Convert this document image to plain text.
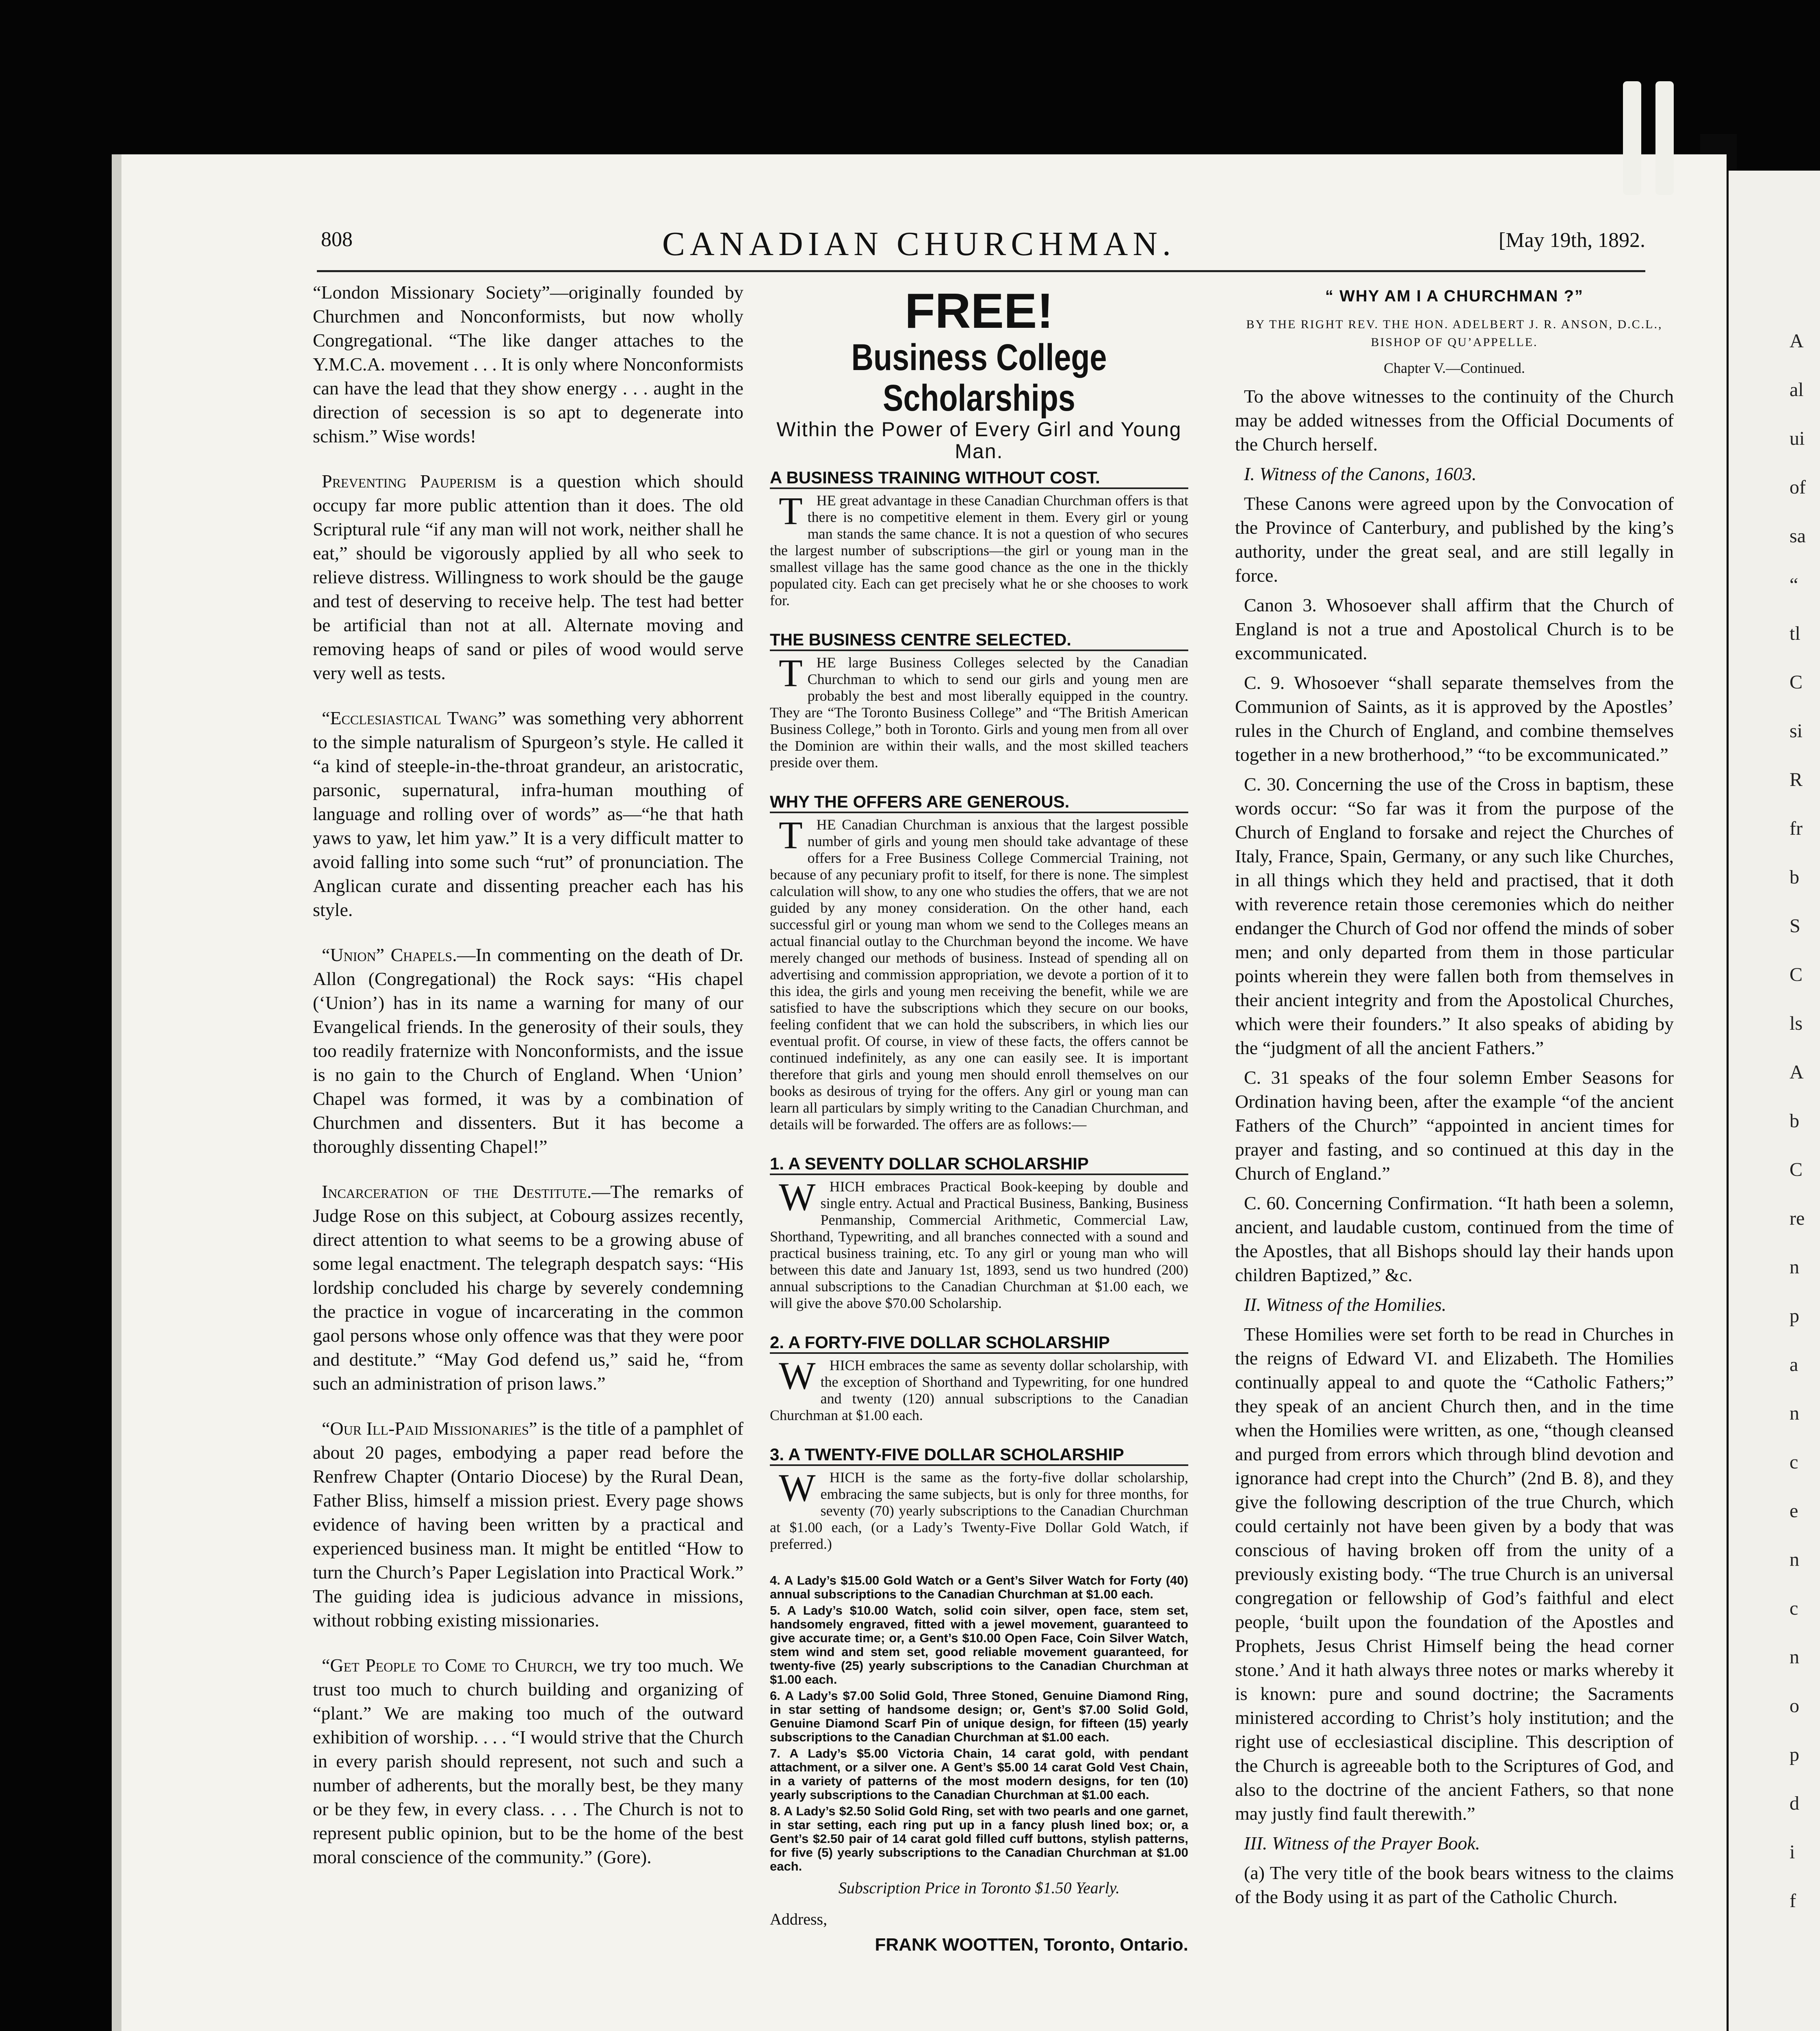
A
al
ui
of
sa
“
tl
C
si
R
fr
b
S
C
ls
A
b
C
re
n
p
a
n
c
e
n
c
n
o
p
d
i
f
808	CANADIAN CHURCHMAN.	[May 19th, 1892.

“London Missionary Society”—originally founded by Churchmen and Nonconformists, but now wholly Congregational. “The like danger attaches to the Y.M.C.A. movement . . . It is only where Nonconformists can have the lead that they show energy . . . aught in the direction of secession is so apt to degenerate into schism.” Wise words!

Preventing Pauperism is a question which should occupy far more public attention than it does. The old Scriptural rule “if any man will not work, neither shall he eat,” should be vigorously applied by all who seek to relieve distress. Willingness to work should be the gauge and test of deserving to receive help. The test had better be artificial than not at all. Alternate moving and removing heaps of sand or piles of wood would serve very well as tests.

“Ecclesiastical Twang” was something very abhorrent to the simple naturalism of Spurgeon’s style. He called it “a kind of steeple-in-the-throat grandeur, an aristocratic, parsonic, supernatural, infra-human mouthing of language and rolling over of words” as—“he that hath yaws to yaw, let him yaw.” It is a very difficult matter to avoid falling into some such “rut” of pronunciation. The Anglican curate and dissenting preacher each has his style.

“Union” Chapels.—In commenting on the death of Dr. Allon (Congregational) the Rock says: “His chapel (‘Union’) has in its name a warning for many of our Evangelical friends. In the generosity of their souls, they too readily fraternize with Nonconformists, and the issue is no gain to the Church of England. When ‘Union’ Chapel was formed, it was by a combination of Churchmen and dissenters. But it has become a thoroughly dissenting Chapel!”

Incarceration of the Destitute.—The remarks of Judge Rose on this subject, at Cobourg assizes recently, direct attention to what seems to be a growing abuse of some legal enactment. The telegraph despatch says: “His lordship concluded his charge by severely condemning the practice in vogue of incarcerating in the common gaol persons whose only offence was that they were poor and destitute.” “May God defend us,” said he, “from such an administration of prison laws.”

“Our Ill-Paid Missionaries” is the title of a pamphlet of about 20 pages, embodying a paper read before the Renfrew Chapter (Ontario Diocese) by the Rural Dean, Father Bliss, himself a mission priest. Every page shows evidence of having been written by a practical and experienced business man. It might be entitled “How to turn the Church’s Paper Legislation into Practical Work.” The guiding idea is judicious advance in missions, without robbing existing missionaries.

“Get People to Come to Church, we try too much. We trust too much to church building and organizing of “plant.” We are making too much of the outward exhibition of worship. . . . “I would strive that the Church in every parish should represent, not such and such a number of adherents, but the morally best, be they many or be they few, in every class. . . . The Church is not to represent public opinion, but to be the home of the best moral conscience of the community.” (Gore).

FREE!
Business College Scholarships
Within the Power of Every Girl and Young Man.
A BUSINESS TRAINING WITHOUT COST.

THE great advantage in these Canadian Churchman offers is that there is no competitive element in them. Every girl or young man stands the same chance. It is not a question of who secures the largest number of subscriptions—the girl or young man in the smallest village has the same good chance as the one in the thickly populated city. Each can get precisely what he or she chooses to work for.

THE BUSINESS CENTRE SELECTED.

THE large Business Colleges selected by the Canadian Churchman to which to send our girls and young men are probably the best and most liberally equipped in the country. They are “The Toronto Business College” and “The British American Business College,” both in Toronto. Girls and young men from all over the Dominion are within their walls, and the most skilled teachers preside over them.

WHY THE OFFERS ARE GENEROUS.

THE Canadian Churchman is anxious that the largest possible number of girls and young men should take advantage of these offers for a Free Business College Commercial Training, not because of any pecuniary profit to itself, for there is none. The simplest calculation will show, to any one who studies the offers, that we are not guided by any money consideration. On the other hand, each successful girl or young man whom we send to the Colleges means an actual financial outlay to the Churchman beyond the income. We have merely changed our methods of business. Instead of spending all on advertising and commission appropriation, we devote a portion of it to this idea, the girls and young men receiving the benefit, while we are satisfied to have the subscriptions which they secure on our books, feeling confident that we can hold the subscribers, in which lies our eventual profit. Of course, in view of these facts, the offers cannot be continued indefinitely, as any one can easily see. It is important therefore that girls and young men should enroll themselves on our books as desirous of trying for the offers. Any girl or young man can learn all particulars by simply writing to the Canadian Churchman, and details will be forwarded. The offers are as follows:—

1. A SEVENTY DOLLAR SCHOLARSHIP

WHICH embraces Practical Book-keeping by double and single entry. Actual and Practical Business, Banking, Business Penmanship, Commercial Arithmetic, Commercial Law, Shorthand, Typewriting, and all branches connected with a sound and practical business training, etc. To any girl or young man who will between this date and January 1st, 1893, send us two hundred (200) annual subscriptions to the Canadian Churchman at $1.00 each, we will give the above $70.00 Scholarship.

2. A FORTY-FIVE DOLLAR SCHOLARSHIP

WHICH embraces the same as seventy dollar scholarship, with the exception of Shorthand and Typewriting, for one hundred and twenty (120) annual subscriptions to the Canadian Churchman at $1.00 each.

3. A TWENTY-FIVE DOLLAR SCHOLARSHIP

WHICH is the same as the forty-five dollar scholarship, embracing the same subjects, but is only for three months, for seventy (70) yearly subscriptions to the Canadian Churchman at $1.00 each, (or a Lady’s Twenty-Five Dollar Gold Watch, if preferred.)

4. A Lady’s $15.00 Gold Watch or a Gent’s Silver Watch for Forty (40) annual subscriptions to the Canadian Churchman at $1.00 each.
5. A Lady’s $10.00 Watch, solid coin silver, open face, stem set, handsomely engraved, fitted with a jewel movement, guaranteed to give accurate time; or, a Gent’s $10.00 Open Face, Coin Silver Watch, stem wind and stem set, good reliable movement guaranteed, for twenty-five (25) yearly subscriptions to the Canadian Churchman at $1.00 each.
6. A Lady’s $7.00 Solid Gold, Three Stoned, Genuine Diamond Ring, in star setting of handsome design; or, Gent’s $7.00 Solid Gold, Genuine Diamond Scarf Pin of unique design, for fifteen (15) yearly subscriptions to the Canadian Churchman at $1.00 each.
7. A Lady’s $5.00 Victoria Chain, 14 carat gold, with pendant attachment, or a silver one. A Gent’s $5.00 14 carat Gold Vest Chain, in a variety of patterns of the most modern designs, for ten (10) yearly subscriptions to the Canadian Churchman at $1.00 each.
8. A Lady’s $2.50 Solid Gold Ring, set with two pearls and one garnet, in star setting, each ring put up in a fancy plush lined box; or, a Gent’s $2.50 pair of 14 carat gold filled cuff buttons, stylish patterns, for five (5) yearly subscriptions to the Canadian Churchman at $1.00 each.
Subscription Price in Toronto $1.50 Yearly.
Address,
FRANK WOOTTEN, Toronto, Ontario.
“ WHY AM I A CHURCHMAN ?”
BY THE RIGHT REV. THE HON. ADELBERT J. R. ANSON, D.C.L., BISHOP OF QU’APPELLE.
Chapter V.—Continued.

To the above witnesses to the continuity of the Church may be added witnesses from the Official Documents of the Church herself.

I. Witness of the Canons, 1603.

These Canons were agreed upon by the Convocation of the Province of Canterbury, and published by the king’s authority, under the great seal, and are still legally in force.

Canon 3. Whosoever shall affirm that the Church of England is not a true and Apostolical Church is to be excommunicated.

C. 9. Whosoever “shall separate themselves from the Communion of Saints, as it is approved by the Apostles’ rules in the Church of England, and combine themselves together in a new brotherhood,” “to be excommunicated.”

C. 30. Concerning the use of the Cross in baptism, these words occur: “So far was it from the purpose of the Church of England to forsake and reject the Churches of Italy, France, Spain, Germany, or any such like Churches, in all things which they held and practised, that it doth with reverence retain those ceremonies which do neither endanger the Church of God nor offend the minds of sober men; and only departed from them in those particular points wherein they were fallen both from themselves in their ancient integrity and from the Apostolical Churches, which were their founders.” It also speaks of abiding by the “judgment of all the ancient Fathers.”

C. 31 speaks of the four solemn Ember Seasons for Ordination having been, after the example “of the ancient Fathers of the Church” “appointed in ancient times for prayer and fasting, and so continued at this day in the Church of England.”

C. 60. Concerning Confirmation. “It hath been a solemn, ancient, and laudable custom, continued from the time of the Apostles, that all Bishops should lay their hands upon children Baptized,” &c.

II. Witness of the Homilies.

These Homilies were set forth to be read in Churches in the reigns of Edward VI. and Elizabeth. The Homilies continually appeal to and quote the “Catholic Fathers;” they speak of an ancient Church then, and in the time when the Homilies were written, as one, “though cleansed and purged from errors which through blind devotion and ignorance had crept into the Church” (2nd B. 8), and they give the following description of the true Church, which could certainly not have been given by a body that was conscious of having broken off from the unity of a previously existing body. “The true Church is an universal congregation or fellowship of God’s faithful and elect people, ‘built upon the foundation of the Apostles and Prophets, Jesus Christ Himself being the head corner stone.’ And it hath always three notes or marks whereby it is known: pure and sound doctrine; the Sacraments ministered according to Christ’s holy institution; and the right use of ecclesiastical discipline. This description of the Church is agreeable both to the Scriptures of God, and also to the doctrine of the ancient Fathers, so that none may justly find fault therewith.”

III. Witness of the Prayer Book.

(a) The very title of the book bears witness to the claims of the Body using it as part of the Catholic Church.
